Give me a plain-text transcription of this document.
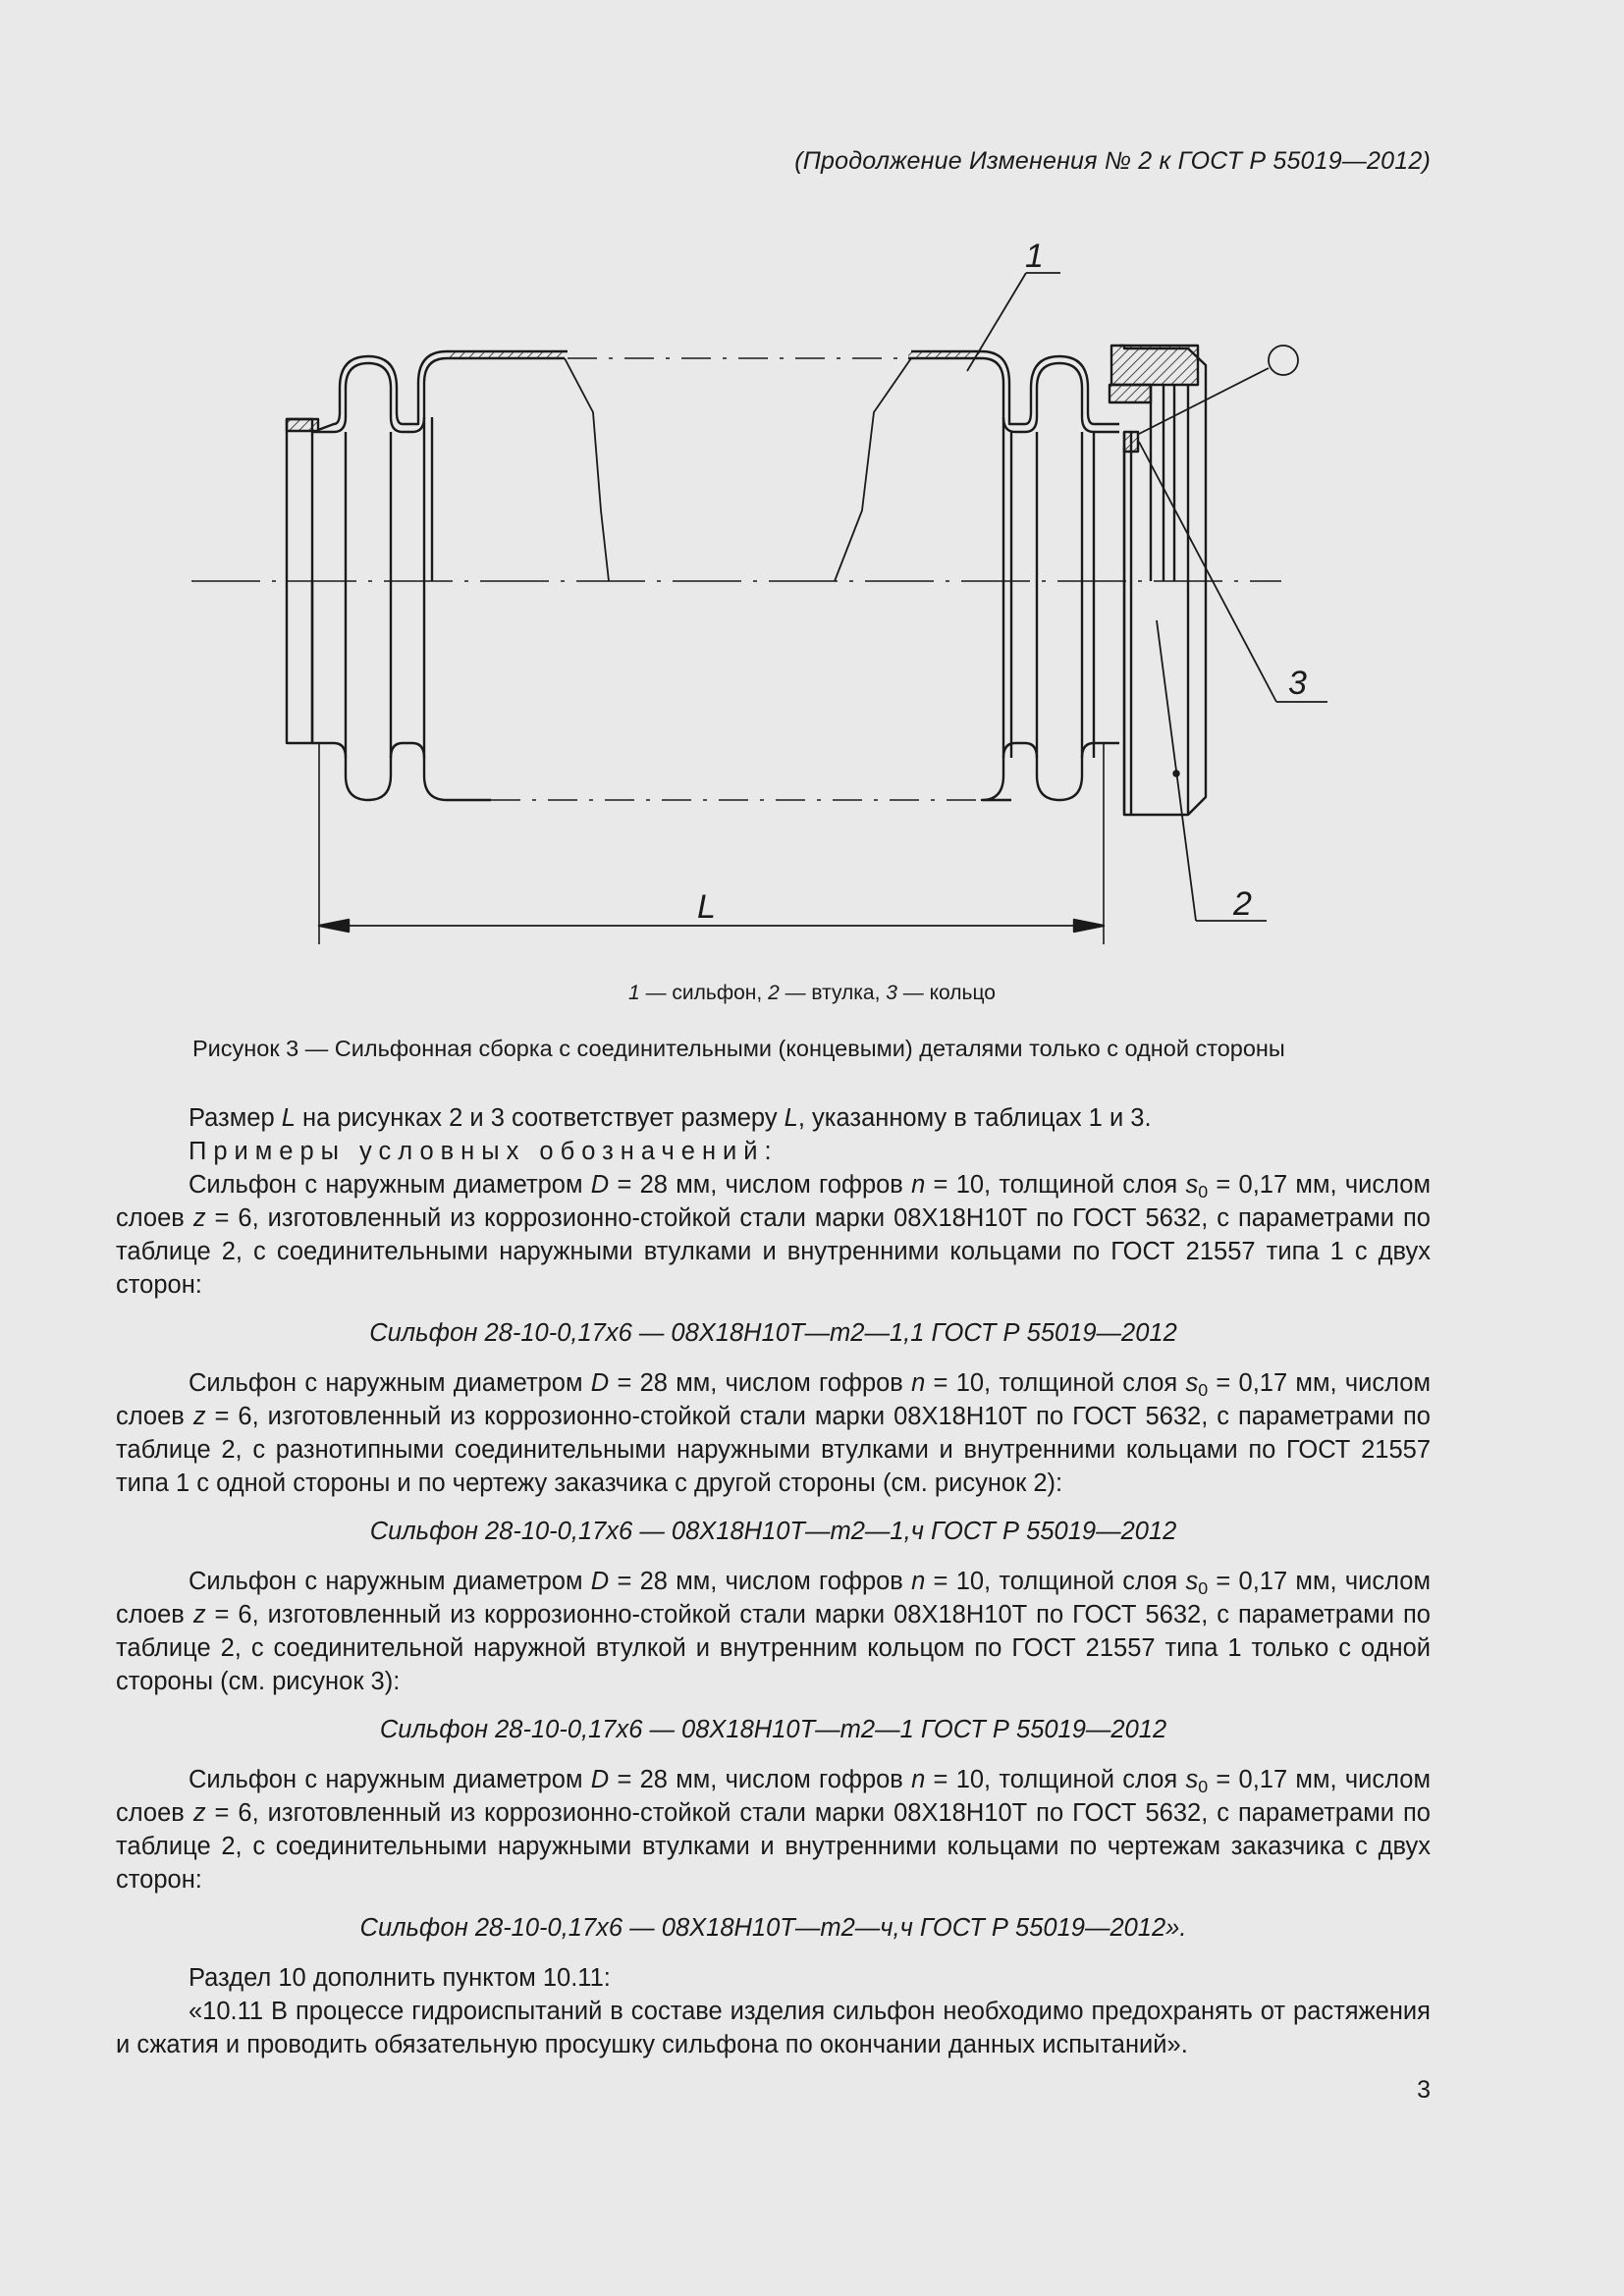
(Продолжение Изменения № 2 к ГОСТ Р 55019—2012)
1
3
2
L
1 — сильфон, 2 — втулка, 3 — кольцо
Рисунок 3 — Сильфонная сборка с соединительными (концевыми) деталями только с одной стороны

Размер L на рисунках 2 и 3 соответствует размеру L, указанному в таблицах 1 и 3.

Примеры условных обозначений:

Сильфон с наружным диаметром D = 28 мм, числом гофров n = 10, толщиной слоя $s_0 = 0,17$ мм, числом слоев z = 6, изготовленный из коррозионно-стойкой стали марки 08Х18Н10Т по ГОСТ 5632, с параметрами по таблице 2, с соединительными наружными втулками и внутренними кольцами по ГОСТ 21557 типа 1 с двух сторон:

Сильфон 28-10-0,17х6 — 08Х18Н10Т—т2—1,1 ГОСТ Р 55019—2012

Сильфон с наружным диаметром D = 28 мм, числом гофров n = 10, толщиной слоя $s_0 = 0,17$ мм, числом слоев z = 6, изготовленный из коррозионно-стойкой стали марки 08Х18Н10Т по ГОСТ 5632, с параметрами по таблице 2, с разнотипными соединительными наружными втулками и внутренними кольцами по ГОСТ 21557 типа 1 с одной стороны и по чертежу заказчика с другой стороны (см. рисунок 2):

Сильфон 28-10-0,17х6 — 08Х18Н10Т—т2—1,ч ГОСТ Р 55019—2012

Сильфон с наружным диаметром D = 28 мм, числом гофров n = 10, толщиной слоя $s_0 = 0,17$ мм, числом слоев z = 6, изготовленный из коррозионно-стойкой стали марки 08Х18Н10Т по ГОСТ 5632, с параметрами по таблице 2, с соединительной наружной втулкой и внутренним кольцом по ГОСТ 21557 типа 1 только с одной стороны (см. рисунок 3):

Сильфон 28-10-0,17х6 — 08Х18Н10Т—т2—1 ГОСТ Р 55019—2012

Сильфон с наружным диаметром D = 28 мм, числом гофров n = 10, толщиной слоя $s_0 = 0,17$ мм, числом слоев z = 6, изготовленный из коррозионно-стойкой стали марки 08Х18Н10Т по ГОСТ 5632, с параметрами по таблице 2, с соединительными наружными втулками и внутренними кольцами по чертежам заказчика с двух сторон:

Сильфон 28-10-0,17х6 — 08Х18Н10Т—т2—ч,ч ГОСТ Р 55019—2012».

Раздел 10 дополнить пунктом 10.11:

«10.11 В процессе гидроиспытаний в составе изделия сильфон необходимо предохранять от растяжения и сжатия и проводить обязательную просушку сильфона по окончании данных испытаний».

3
